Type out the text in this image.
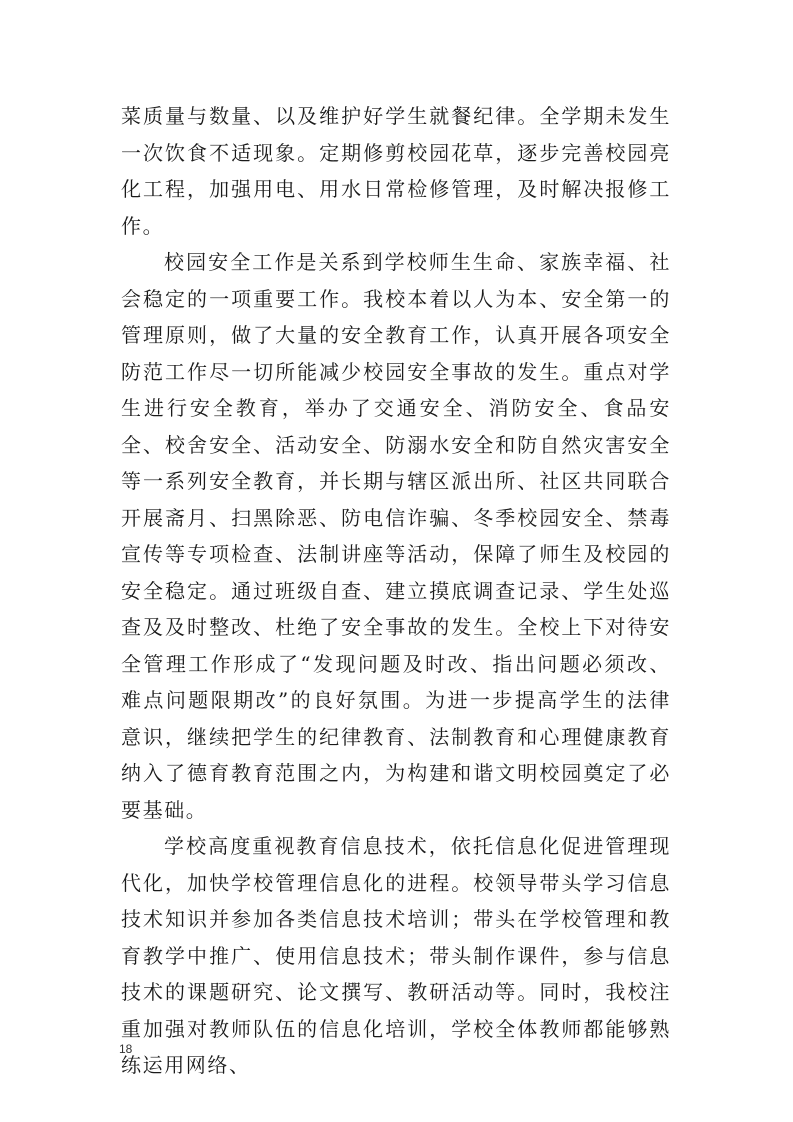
菜质量与数量、以及维护好学生就餐纪律。全学期未发生一次饮食不适现象。定期修剪校园花草，逐步完善校园亮化工程，加强用电、用水日常检修管理，及时解决报修工作。

校园安全工作是关系到学校师生生命、家族幸福、社会稳定的一项重要工作。我校本着以人为本、安全第一的管理原则，做了大量的安全教育工作，认真开展各项安全防范工作尽一切所能减少校园安全事故的发生。重点对学生进行安全教育，举办了交通安全、消防安全、食品安全、校舍安全、活动安全、防溺水安全和防自然灾害安全等一系列安全教育，并长期与辖区派出所、社区共同联合开展斋月、扫黑除恶、防电信诈骗、冬季校园安全、禁毒宣传等专项检查、法制讲座等活动，保障了师生及校园的安全稳定。通过班级自查、建立摸底调查记录、学生处巡查及及时整改、杜绝了安全事故的发生。全校上下对待安全管理工作形成了“发现问题及时改、指出问题必须改、难点问题限期改”的良好氛围。为进一步提高学生的法律意识，继续把学生的纪律教育、法制教育和心理健康教育纳入了德育教育范围之内，为构建和谐文明校园奠定了必要基础。

学校高度重视教育信息技术，依托信息化促进管理现代化，加快学校管理信息化的进程。校领导带头学习信息技术知识并参加各类信息技术培训；带头在学校管理和教育教学中推广、使用信息技术；带头制作课件，参与信息技术的课题研究、论文撰写、教研活动等。同时，我校注重加强对教师队伍的信息化培训，学校全体教师都能够熟练运用网络、

18
